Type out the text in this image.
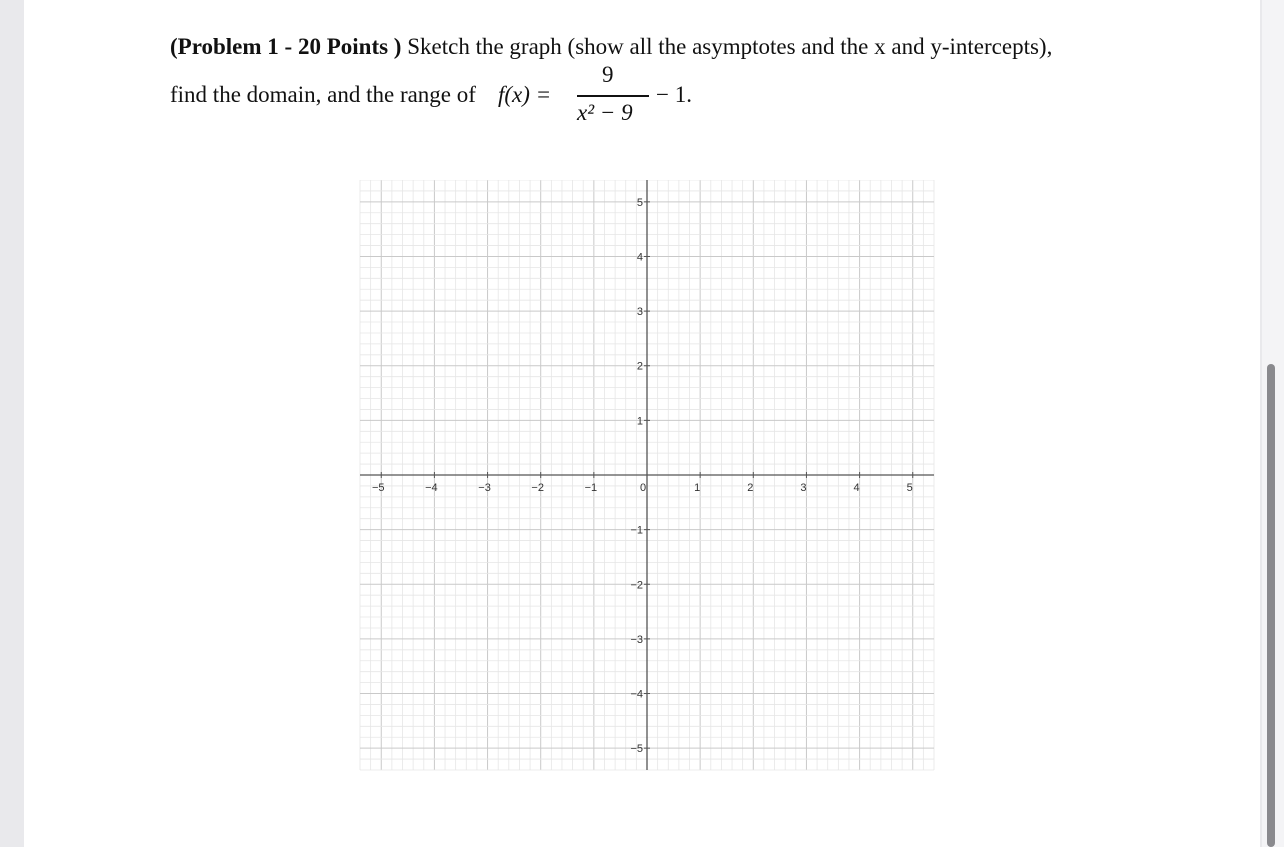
(Problem 1 - 20 Points ) Sketch the graph (show all the asymptotes and the x and y-intercepts),
find the domain, and the range of f(x) =
9
x² − 9
− 1.
−5	−4	−3	−2	−1	0	1	2	3	4	5
−5
−4
−3
−2
−1
1
2
3
4
5
